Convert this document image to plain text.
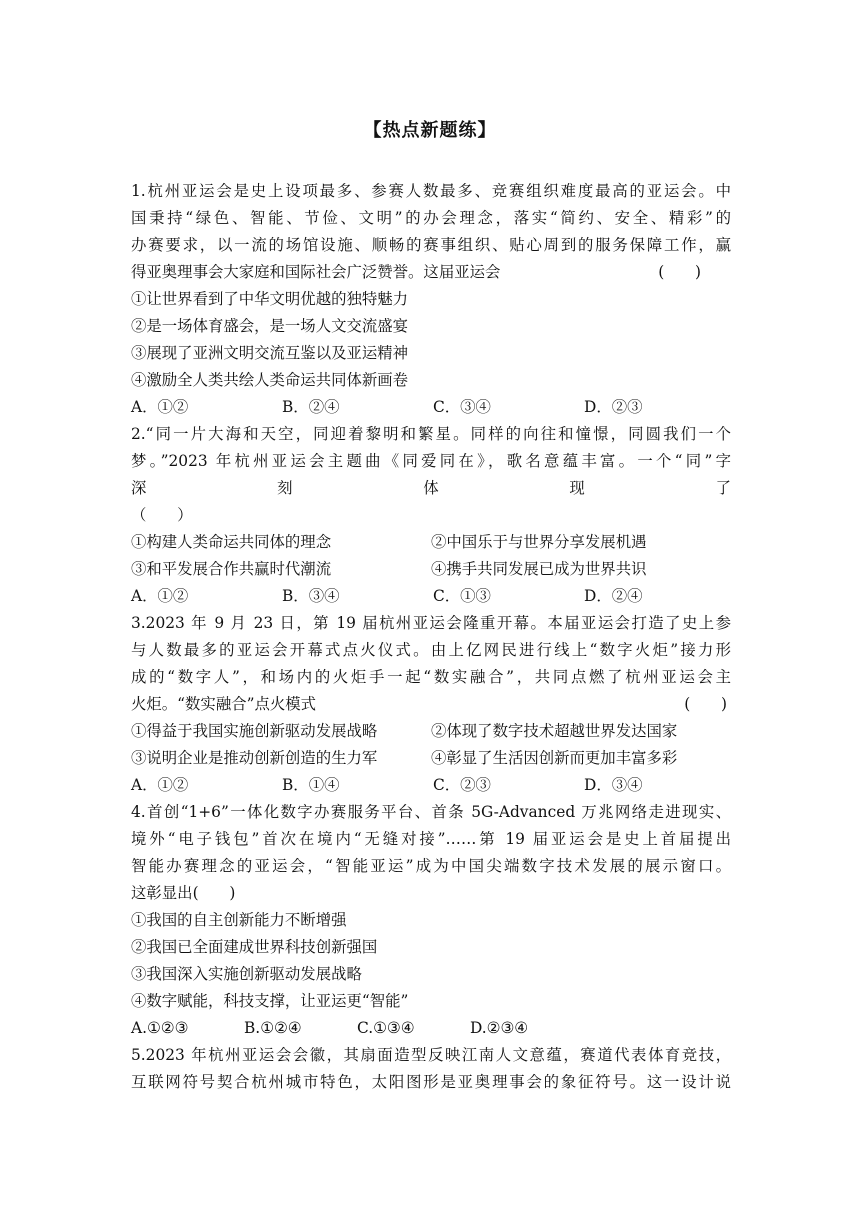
【热点新题练】
1.杭州亚运会是史上设项最多、参赛人数最多、竞赛组织难度最高的亚运会。中
国秉持“绿色、智能、节俭、文明”的办会理念，落实“简约、安全、精彩”的
办赛要求，以一流的场馆设施、顺畅的赛事组织、贴心周到的服务保障工作，赢
得亚奥理事会大家庭和国际社会广泛赞誉。这届亚运会	(　　)
①让世界看到了中华文明优越的独特魅力
②是一场体育盛会，是一场人文交流盛宴
③展现了亚洲文明交流互鉴以及亚运精神
④激励全人类共绘人类命运共同体新画卷
A．①②	B．②④	C．③④	D．②③
2.“同一片大海和天空，同迎着黎明和繁星。同样的向往和憧憬，同圆我们一个
梦。”2023 年杭州亚运会主题曲《同爱同在》，歌名意蕴丰富。一个“同”字
深	刻	体	现	了
（　　）
①构建人类命运共同体的理念	②中国乐于与世界分享发展机遇
③和平发展合作共赢时代潮流	④携手共同发展已成为世界共识
A．①②	B．③④	C．①③	D．②④
3.2023 年 9 月 23 日，第 19 届杭州亚运会隆重开幕。本届亚运会打造了史上参
与人数最多的亚运会开幕式点火仪式。由上亿网民进行线上“数字火炬”接力形
成的“数字人”，和场内的火炬手一起“数实融合”，共同点燃了杭州亚运会主
火炬。“数实融合”点火模式	(　　)
①得益于我国实施创新驱动发展战略	②体现了数字技术超越世界发达国家
③说明企业是推动创新创造的生力军	④彰显了生活因创新而更加丰富多彩
A．①②	B．①④	C．②③	D．③④
4.首创“1+6”一体化数字办赛服务平台、首条 5G-Advanced 万兆网络走进现实、
境外“电子钱包”首次在境内“无缝对接”……第 19 届亚运会是史上首届提出
智能办赛理念的亚运会，“智能亚运”成为中国尖端数字技术发展的展示窗口。
这彰显出(　　)
①我国的自主创新能力不断增强
②我国已全面建成世界科技创新强国
③我国深入实施创新驱动发展战略
④数字赋能，科技支撑，让亚运更“智能”
A.①②③	B.①②④	C.①③④	D.②③④
5.2023 年杭州亚运会会徽，其扇面造型反映江南人文意蕴，赛道代表体育竞技，
互联网符号契合杭州城市特色，太阳图形是亚奥理事会的象征符号。这一设计说
